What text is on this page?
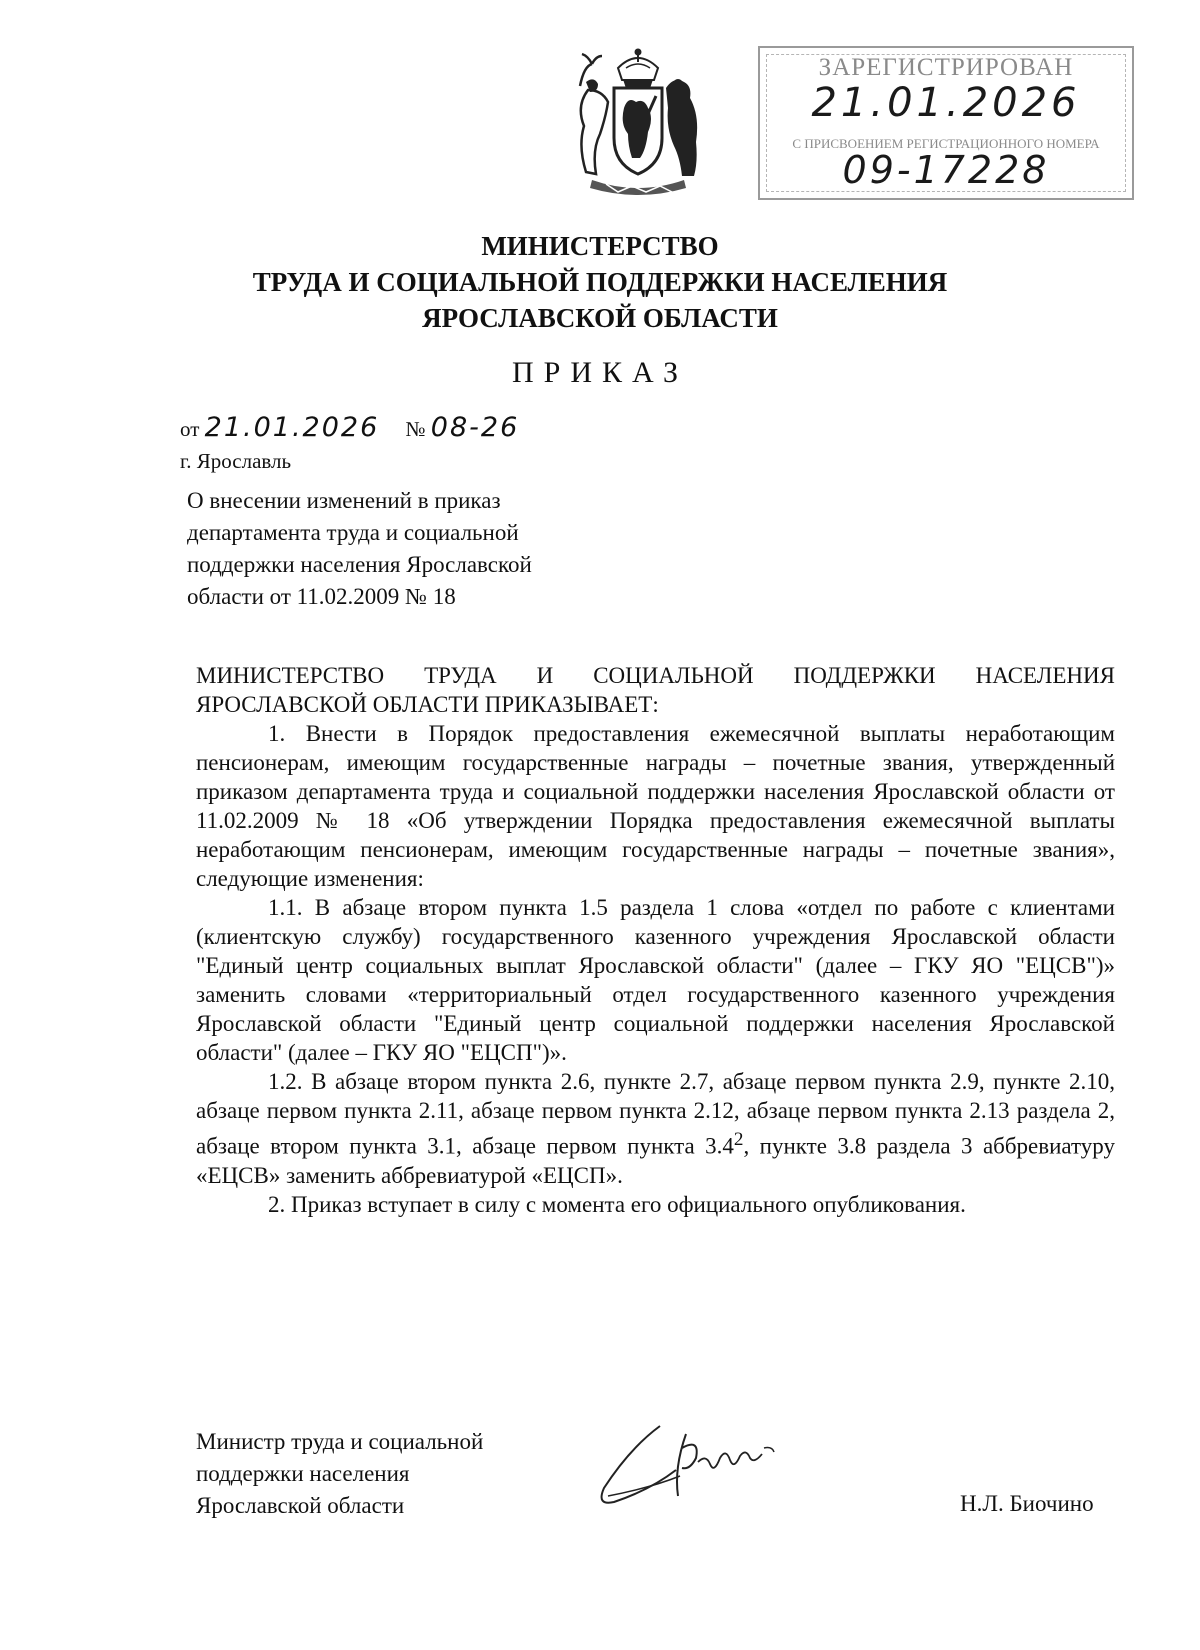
ЗАРЕГИСТРИРОВАН
21.01.2026
С ПРИСВОЕНИЕМ РЕГИСТРАЦИОННОГО НОМЕРА
09-17228
МИНИСТЕРСТВО
ТРУДА И СОЦИАЛЬНОЙ ПОДДЕРЖКИ НАСЕЛЕНИЯ
ЯРОСЛАВСКОЙ ОБЛАСТИ
ПРИКАЗ
от 21.01.2026 № 08-26
г. Ярославль
О внесении изменений в приказ
департамента труда и социальной
поддержки населения Ярославской
области от 11.02.2009 № 18

МИНИСТЕРСТВО ТРУДА И СОЦИАЛЬНОЙ ПОДДЕРЖКИ НАСЕЛЕНИЯ ЯРОСЛАВСКОЙ ОБЛАСТИ ПРИКАЗЫВАЕТ:

1. Внести в Порядок предоставления ежемесячной выплаты неработающим пенсионерам, имеющим государственные награды – почетные звания, утвержденный приказом департамента труда и социальной поддержки населения Ярославской области от 11.02.2009 № 18 «Об утверждении Порядка предоставления ежемесячной выплаты неработающим пенсионерам, имеющим государственные награды – почетные звания», следующие изменения:

1.1. В абзаце втором пункта 1.5 раздела 1 слова «отдел по работе с клиентами (клиентскую службу) государственного казенного учреждения Ярославской области "Единый центр социальных выплат Ярославской области" (далее – ГКУ ЯО "ЕЦСВ")» заменить словами «территориальный отдел государственного казенного учреждения Ярославской области "Единый центр социальной поддержки населения Ярославской области" (далее – ГКУ ЯО "ЕЦСП")».

1.2. В абзаце втором пункта 2.6, пункте 2.7, абзаце первом пункта 2.9, пункте 2.10, абзаце первом пункта 2.11, абзаце первом пункта 2.12, абзаце первом пункта 2.13 раздела 2, абзаце втором пункта 3.1, абзаце первом пункта $3.4^2$, пункте 3.8 раздела 3 аббревиатуру «ЕЦСВ» заменить аббревиатурой «ЕЦСП».

2. Приказ вступает в силу с момента его официального опубликования.

Министр труда и социальной
поддержки населения
Ярославской области	Н.Л. Биочино
